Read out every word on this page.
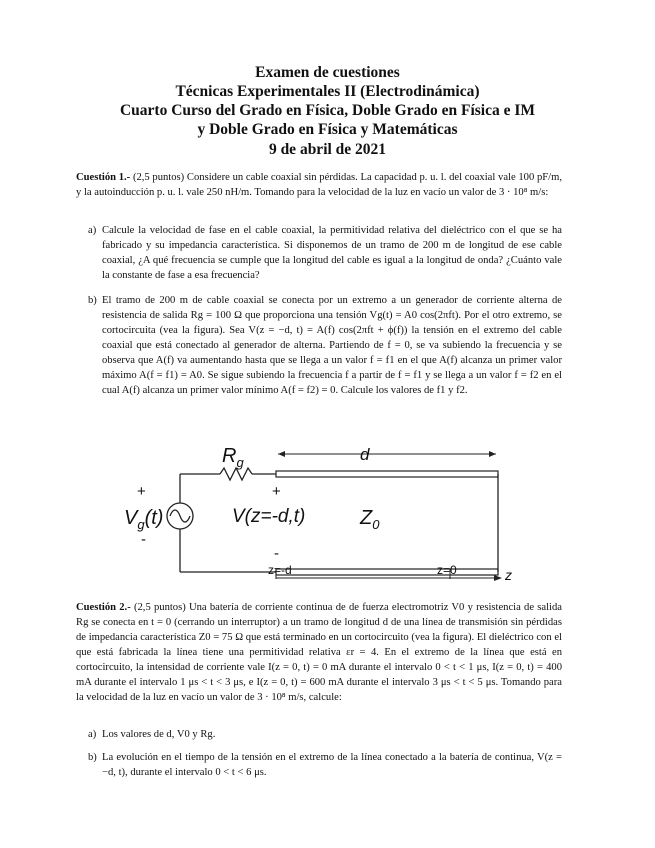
Examen de cuestiones
Técnicas Experimentales II (Electrodinámica)
Cuarto Curso del Grado en Física, Doble Grado en Física e IM
y Doble Grado en Física y Matemáticas
9 de abril de 2021
Cuestión 1.- (2,5 puntos) Considere un cable coaxial sin pérdidas. La capacidad p. u. l. del coaxial vale 100 pF/m, y la autoinducción p. u. l. vale 250 nH/m. Tomando para la velocidad de la luz en vacío un valor de 3 · 10⁸ m/s:
a) Calcule la velocidad de fase en el cable coaxial, la permitividad relativa del dieléctrico con el que se ha fabricado y su impedancia característica. Si disponemos de un tramo de 200 m de longitud de ese cable coaxial, ¿A qué frecuencia se cumple que la longitud del cable es igual a la longitud de onda? ¿Cuánto vale la constante de fase a esa frecuencia?
b) El tramo de 200 m de cable coaxial se conecta por un extremo a un generador de corriente alterna de resistencia de salida Rg = 100 Ω que proporciona una tensión Vg(t) = A0 cos(2πft). Por el otro extremo, se cortocircuita (vea la figura). Sea V(z = −d, t) = A(f) cos(2πft + ϕ(f)) la tensión en el extremo del cable coaxial que está conectado al generador de alterna. Partiendo de f = 0, se va subiendo la frecuencia y se observa que A(f) va aumentando hasta que se llega a un valor f = f1 en el que A(f) alcanza un primer valor máximo A(f = f1) = A0. Se sigue subiendo la frecuencia f a partir de f = f1 y se llega a un valor f = f2 en el cual A(f) alcanza un primer valor mínimo A(f = f2) = 0. Calcule los valores de f1 y f2.
$R_g$	d
+
-
+
-
$V_g(t)$	V(z=-d,t)	$Z_0$
z=-d	z=0	z
Cuestión 2.- (2,5 puntos) Una batería de corriente continua de de fuerza electromotriz V0 y resistencia de salida Rg se conecta en t = 0 (cerrando un interruptor) a un tramo de longitud d de una línea de transmisión sin pérdidas de impedancia característica Z0 = 75 Ω que está terminado en un cortocircuito (vea la figura). El dieléctrico con el que está fabricada la línea tiene una permitividad relativa εr = 4. En el extremo de la línea que está en cortocircuito, la intensidad de corriente vale I(z = 0, t) = 0 mA durante el intervalo 0 < t < 1 μs, I(z = 0, t) = 400 mA durante el intervalo 1 μs < t < 3 μs, e I(z = 0, t) = 600 mA durante el intervalo 3 μs < t < 5 μs. Tomando para la velocidad de la luz en vacío un valor de 3 · 10⁸ m/s, calcule:
a) Los valores de d, V0 y Rg.
b) La evolución en el tiempo de la tensión en el extremo de la línea conectado a la batería de continua, V(z = −d, t), durante el intervalo 0 < t < 6 μs.
